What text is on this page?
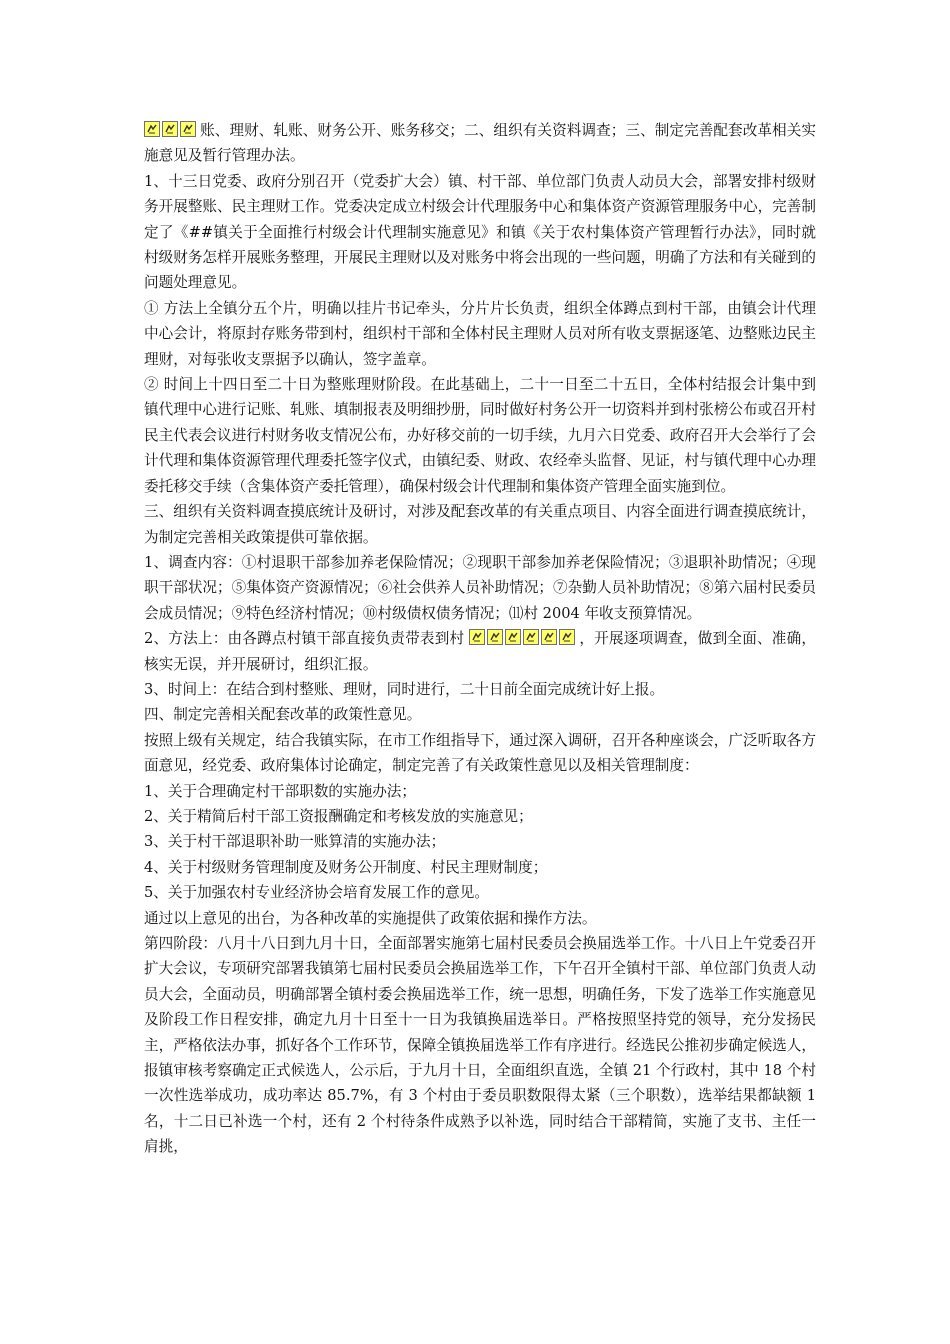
账、理财、轧账、财务公开、账务移交；二、组织有关资料调查；三、制定完善配套改革相关实施意见及暂行管理办法。

1、十三日党委、政府分别召开（党委扩大会）镇、村干部、单位部门负责人动员大会，部署安排村级财务开展整账、民主理财工作。党委决定成立村级会计代理服务中心和集体资产资源管理服务中心，完善制定了《##镇关于全面推行村级会计代理制实施意见》和镇《关于农村集体资产管理暂行办法》，同时就村级财务怎样开展账务整理，开展民主理财以及对账务中将会出现的一些问题，明确了方法和有关碰到的问题处理意见。

① 方法上全镇分五个片，明确以挂片书记牵头，分片片长负责，组织全体蹲点到村干部，由镇会计代理中心会计，将原封存账务带到村，组织村干部和全体村民主理财人员对所有收支票据逐笔、边整账边民主理财，对每张收支票据予以确认，签字盖章。

② 时间上十四日至二十日为整账理财阶段。在此基础上，二十一日至二十五日，全体村结报会计集中到镇代理中心进行记账、轧账、填制报表及明细抄册，同时做好村务公开一切资料并到村张榜公布或召开村民主代表会议进行村财务收支情况公布，办好移交前的一切手续，九月六日党委、政府召开大会举行了会计代理和集体资源管理代理委托签字仪式，由镇纪委、财政、农经牵头监督、见证，村与镇代理中心办理委托移交手续（含集体资产委托管理），确保村级会计代理制和集体资产管理全面实施到位。

三、组织有关资料调查摸底统计及研讨，对涉及配套改革的有关重点项目、内容全面进行调查摸底统计，为制定完善相关政策提供可靠依据。

1、调查内容：①村退职干部参加养老保险情况；②现职干部参加养老保险情况；③退职补助情况；④现职干部状况；⑤集体资产资源情况；⑥社会供养人员补助情况；⑦杂勤人员补助情况；⑧第六届村民委员会成员情况；⑨特色经济村情况；⑩村级债权债务情况；⑾村 2004 年收支预算情况。

2、方法上：由各蹲点村镇干部直接负责带表到村	，开展逐项调查，做到全面、准确，核实无误，并开展研讨，组织汇报。

3、时间上：在结合到村整账、理财，同时进行，二十日前全面完成统计好上报。

四、制定完善相关配套改革的政策性意见。

按照上级有关规定，结合我镇实际，在市工作组指导下，通过深入调研，召开各种座谈会，广泛听取各方面意见，经党委、政府集体讨论确定，制定完善了有关政策性意见以及相关管理制度：

1、关于合理确定村干部职数的实施办法；

2、关于精简后村干部工资报酬确定和考核发放的实施意见；

3、关于村干部退职补助一账算清的实施办法；

4、关于村级财务管理制度及财务公开制度、村民主理财制度；

5、关于加强农村专业经济协会培育发展工作的意见。

通过以上意见的出台，为各种改革的实施提供了政策依据和操作方法。

第四阶段：八月十八日到九月十日，全面部署实施第七届村民委员会换届选举工作。十八日上午党委召开扩大会议，专项研究部署我镇第七届村民委员会换届选举工作，下午召开全镇村干部、单位部门负责人动员大会，全面动员，明确部署全镇村委会换届选举工作，统一思想，明确任务，下发了选举工作实施意见及阶段工作日程安排，确定九月十日至十一日为我镇换届选举日。严格按照坚持党的领导，充分发扬民主，严格依法办事，抓好各个工作环节，保障全镇换届选举工作有序进行。经选民公推初步确定候选人，报镇审核考察确定正式候选人，公示后，于九月十日，全面组织直选，全镇 21 个行政村，其中 18 个村一次性选举成功，成功率达 85.7%，有 3 个村由于委员职数限得太紧（三个职数），选举结果都缺额 1 名，十二日已补选一个村，还有 2 个村待条件成熟予以补选，同时结合干部精简，实施了支书、主任一肩挑，
